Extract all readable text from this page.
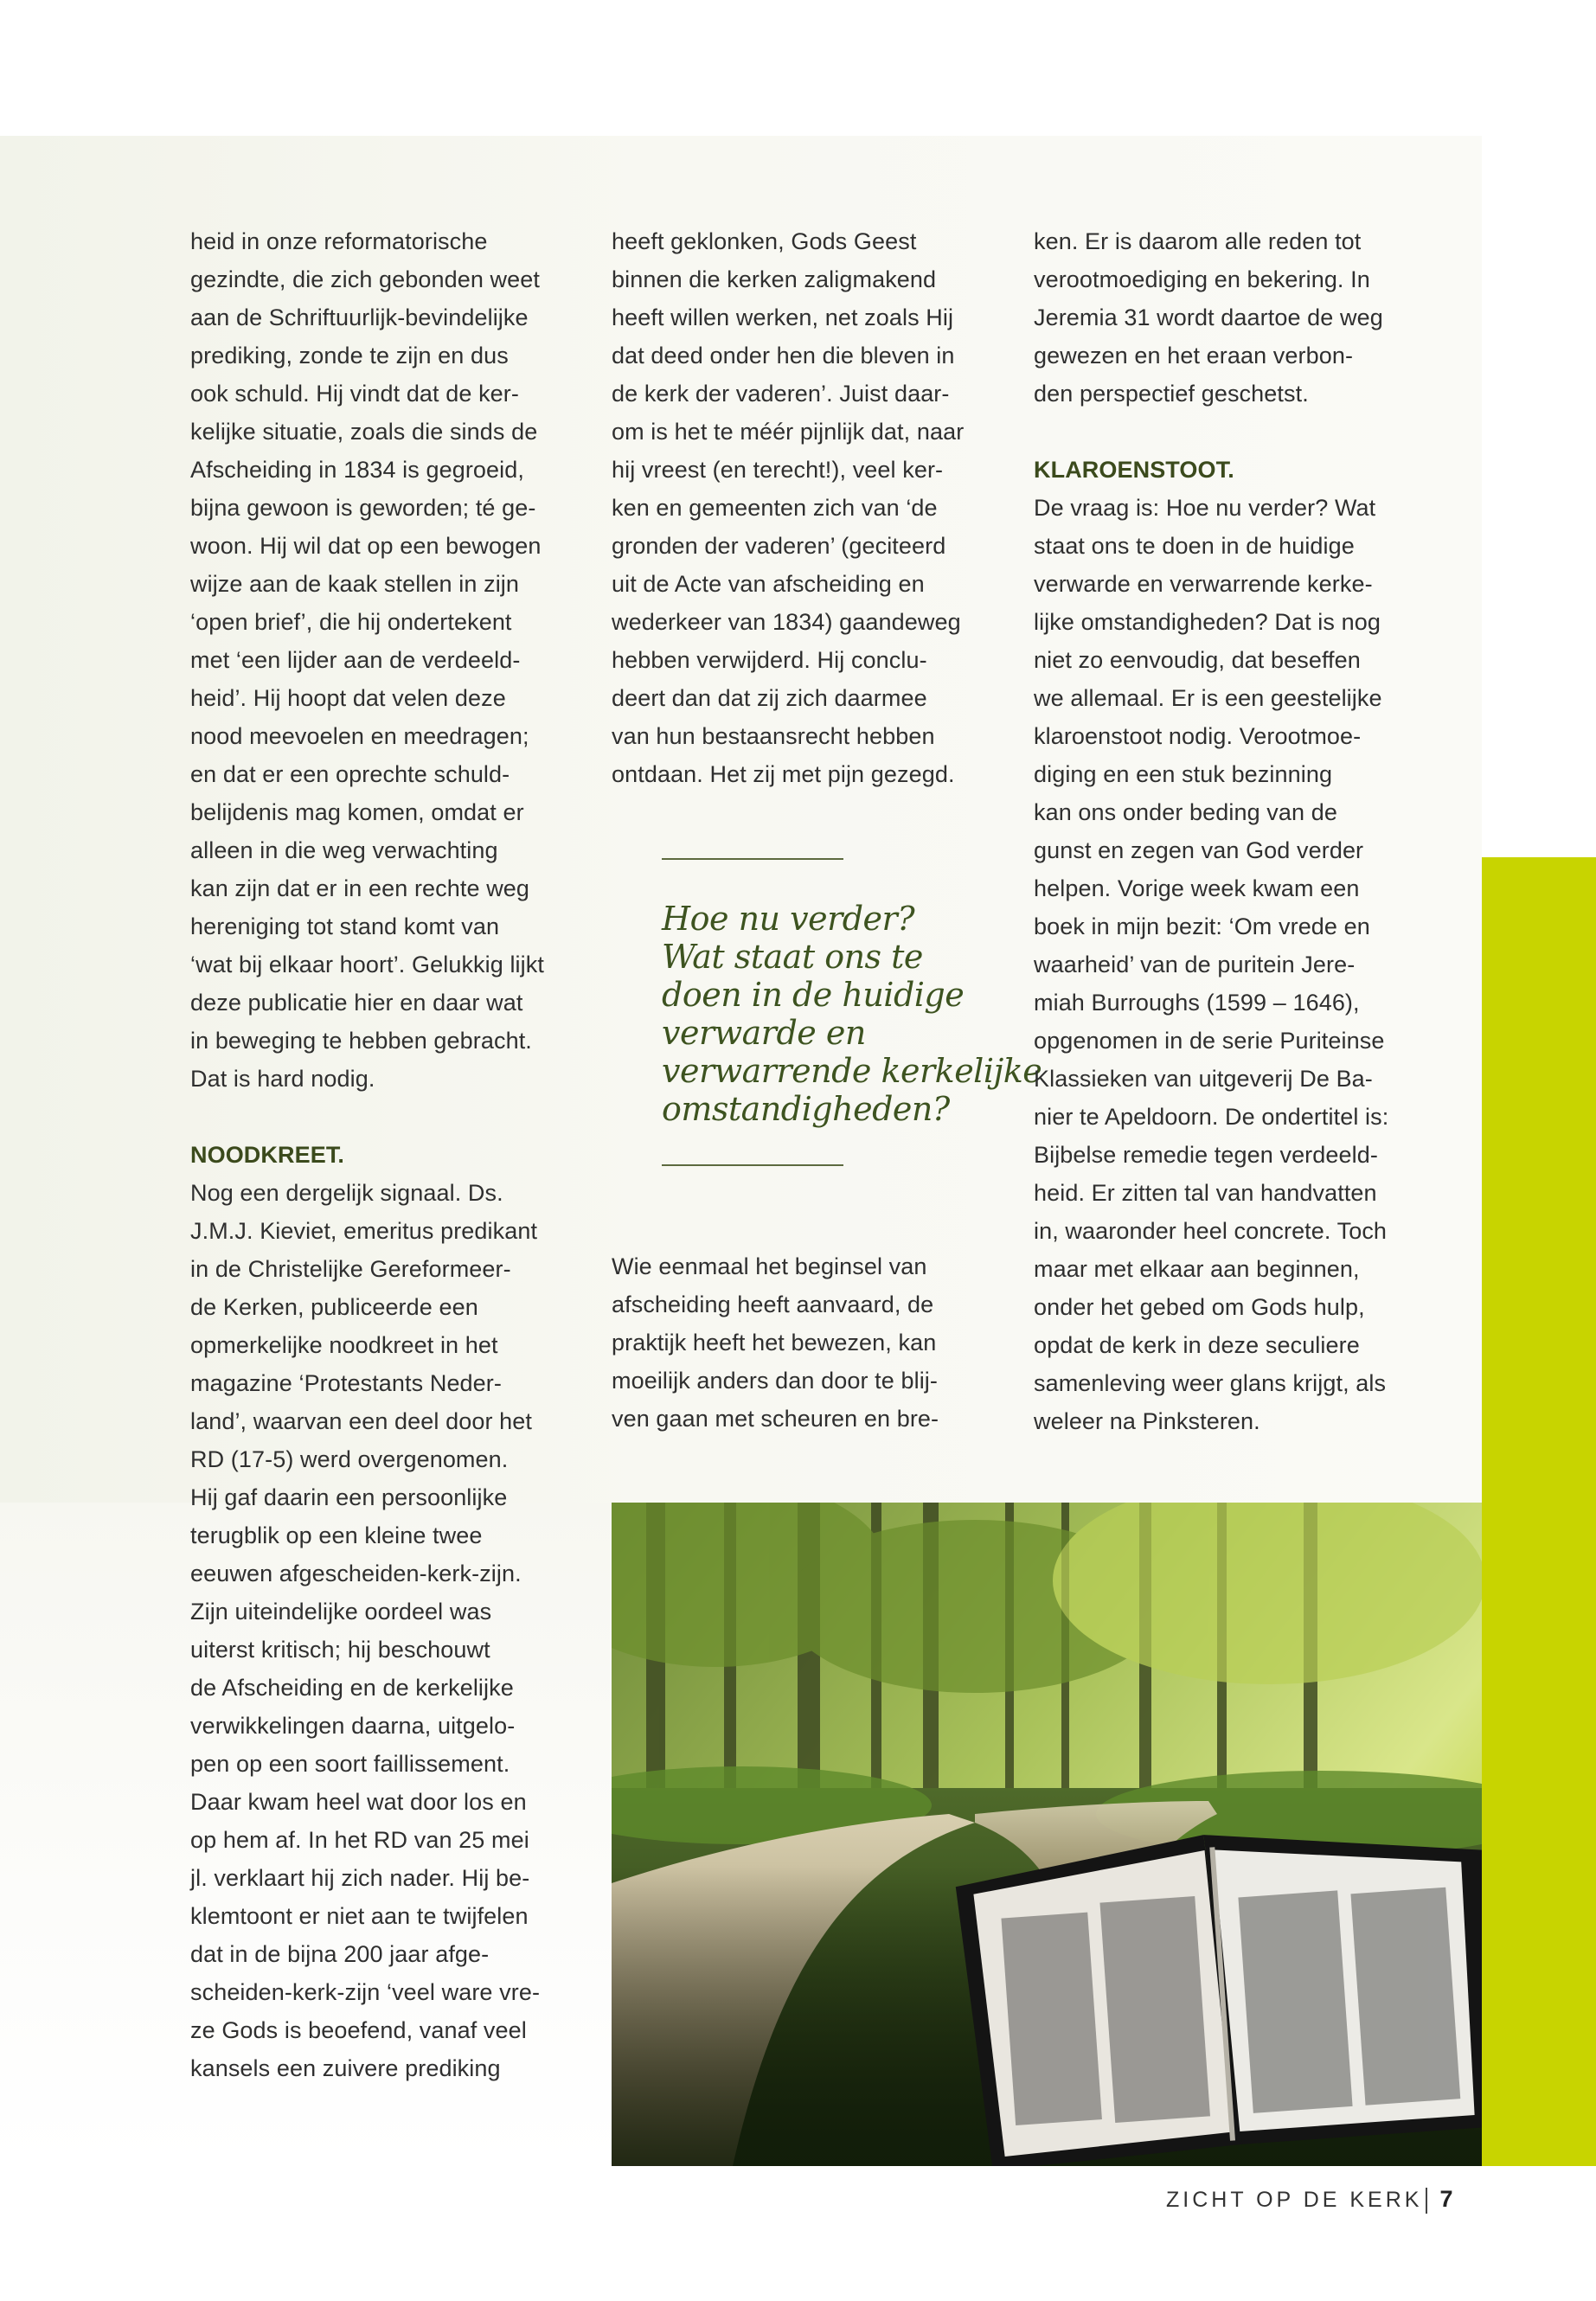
heid in onze reformatorische
gezindte, die zich gebonden weet
aan de Schriftuurlijk-bevindelijke
prediking, zonde te zijn en dus
ook schuld. Hij vindt dat de ker-
kelijke situatie, zoals die sinds de
Afscheiding in 1834 is gegroeid,
bijna gewoon is geworden; té ge-
woon. Hij wil dat op een bewogen
wijze aan de kaak stellen in zijn
‘open brief’, die hij ondertekent
met ‘een lijder aan de verdeeld-
heid’. Hij hoopt dat velen deze
nood meevoelen en meedragen;
en dat er een oprechte schuld-
belijdenis mag komen, omdat er
alleen in die weg verwachting
kan zijn dat er in een rechte weg
hereniging tot stand komt van
‘wat bij elkaar hoort’. Gelukkig lijkt
deze publicatie hier en daar wat
in beweging te hebben gebracht.
Dat is hard nodig.

NOODKREET.

Nog een dergelijk signaal. Ds.
J.M.J. Kieviet, emeritus predikant
in de Christelijke Gereformeer-
de Kerken, publiceerde een
opmerkelijke noodkreet in het
magazine ‘Protestants Neder-
land’, waarvan een deel door het
RD (17-5) werd overgenomen.
Hij gaf daarin een persoonlijke
terugblik op een kleine twee
eeuwen afgescheiden-kerk-zijn.
Zijn uiteindelijke oordeel was
uiterst kritisch; hij beschouwt
de Afscheiding en de kerkelijke
verwikkelingen daarna, uitgelo-
pen op een soort faillissement.
Daar kwam heel wat door los en
op hem af. In het RD van 25 mei
jl. verklaart hij zich nader. Hij be-
klemtoont er niet aan te twijfelen
dat in de bijna 200 jaar afge-
scheiden-kerk-zijn ‘veel ware vre-
ze Gods is beoefend, vanaf veel
kansels een zuivere prediking

heeft geklonken, Gods Geest
binnen die kerken zaligmakend
heeft willen werken, net zoals Hij
dat deed onder hen die bleven in
de kerk der vaderen’. Juist daar-
om is het te méér pijnlijk dat, naar
hij vreest (en terecht!), veel ker-
ken en gemeenten zich van ‘de
gronden der vaderen’ (geciteerd
uit de Acte van afscheiding en
wederkeer van 1834) gaandeweg
hebben verwijderd. Hij conclu-
deert dan dat zij zich daarmee
van hun bestaansrecht hebben
ontdaan. Het zij met pijn gezegd.

Hoe nu verder?
Wat staat ons te
doen in de huidige
verwarde en
verwarrende kerkelijke
omstandigheden?

Wie eenmaal het beginsel van
afscheiding heeft aanvaard, de
praktijk heeft het bewezen, kan
moeilijk anders dan door te blij-
ven gaan met scheuren en bre-

ken. Er is daarom alle reden tot
verootmoediging en bekering. In
Jeremia 31 wordt daartoe de weg
gewezen en het eraan verbon-
den perspectief geschetst.

KLAROENSTOOT.

De vraag is: Hoe nu verder? Wat
staat ons te doen in de huidige
verwarde en verwarrende kerke-
lijke omstandigheden? Dat is nog
niet zo eenvoudig, dat beseffen
we allemaal. Er is een geestelijke
klaroenstoot nodig. Verootmoe-
diging en een stuk bezinning
kan ons onder beding van de
gunst en zegen van God verder
helpen. Vorige week kwam een
boek in mijn bezit: ‘Om vrede en
waarheid’ van de puritein Jere-
miah Burroughs (1599 – 1646),
opgenomen in de serie Puriteinse
Klassieken van uitgeverij De Ba-
nier te Apeldoorn. De ondertitel is:
Bijbelse remedie tegen verdeeld-
heid. Er zitten tal van handvatten
in, waaronder heel concrete. Toch
maar met elkaar aan beginnen,
onder het gebed om Gods hulp,
opdat de kerk in deze seculiere
samenleving weer glans krijgt, als
weleer na Pinksteren.

ZICHT OP DE KERK 7
